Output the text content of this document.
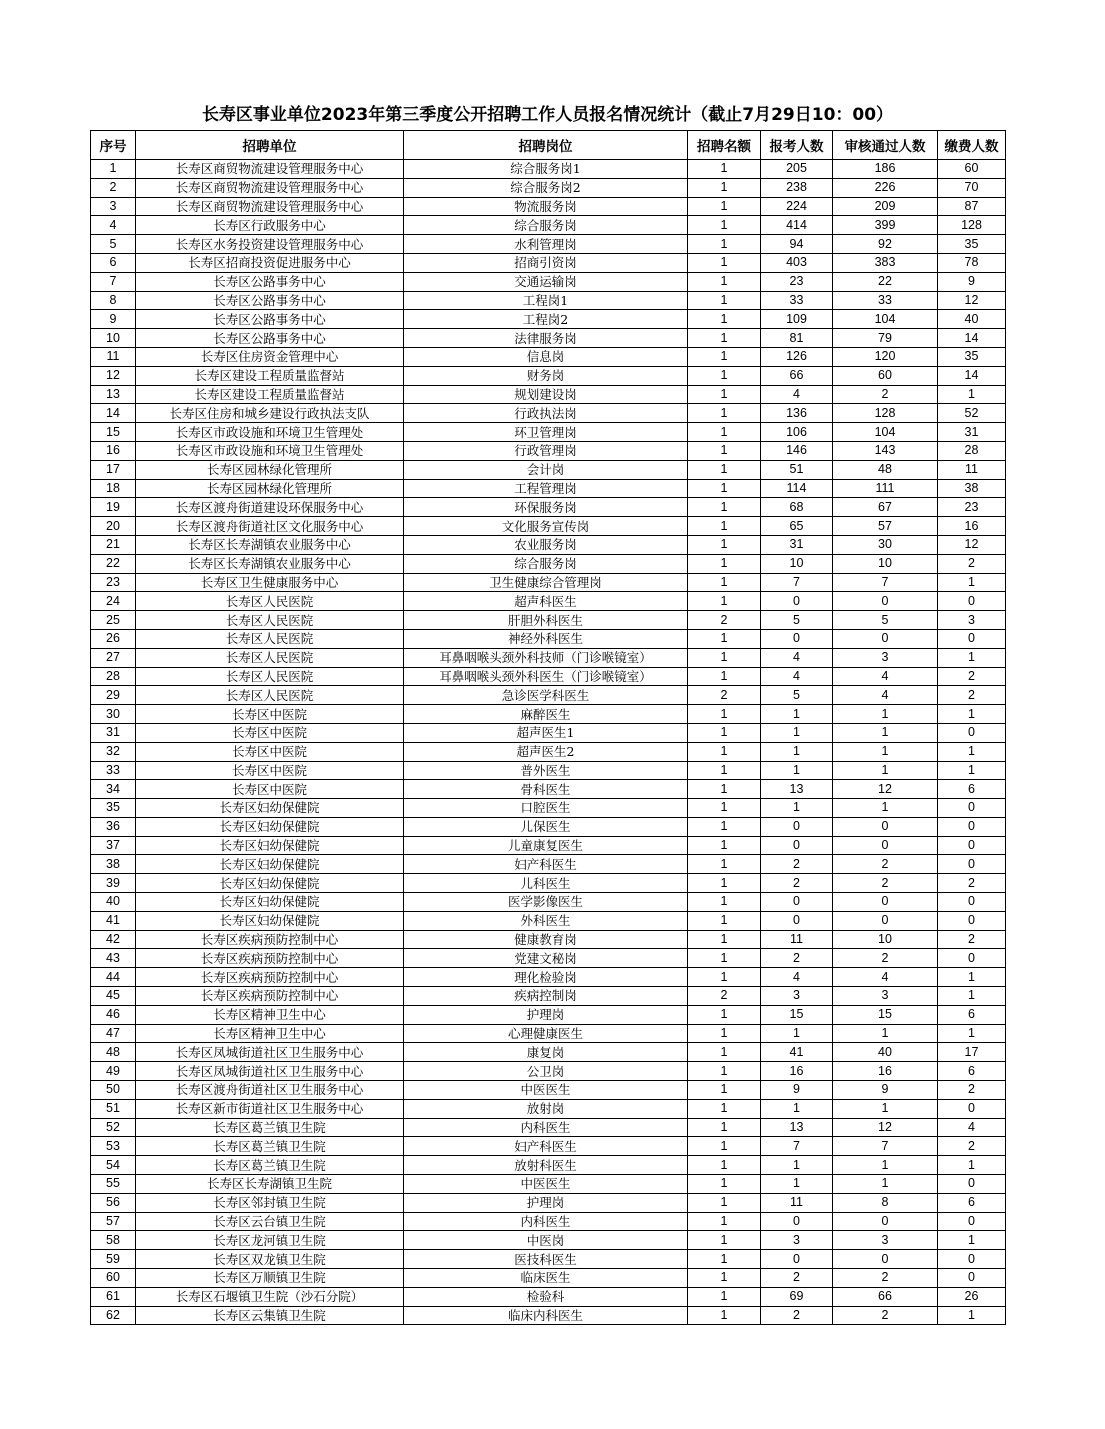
长寿区事业单位2023年第三季度公开招聘工作人员报名情况统计（截止7月29日10：00）
序号	招聘单位	招聘岗位	招聘名额	报考人数	审核通过人数	缴费人数
1	长寿区商贸物流建设管理服务中心	综合服务岗1	1	205	186	60
2	长寿区商贸物流建设管理服务中心	综合服务岗2	1	238	226	70
3	长寿区商贸物流建设管理服务中心	物流服务岗	1	224	209	87
4	长寿区行政服务中心	综合服务岗	1	414	399	128
5	长寿区水务投资建设管理服务中心	水利管理岗	1	94	92	35
6	长寿区招商投资促进服务中心	招商引资岗	1	403	383	78
7	长寿区公路事务中心	交通运输岗	1	23	22	9
8	长寿区公路事务中心	工程岗1	1	33	33	12
9	长寿区公路事务中心	工程岗2	1	109	104	40
10	长寿区公路事务中心	法律服务岗	1	81	79	14
11	长寿区住房资金管理中心	信息岗	1	126	120	35
12	长寿区建设工程质量监督站	财务岗	1	66	60	14
13	长寿区建设工程质量监督站	规划建设岗	1	4	2	1
14	长寿区住房和城乡建设行政执法支队	行政执法岗	1	136	128	52
15	长寿区市政设施和环境卫生管理处	环卫管理岗	1	106	104	31
16	长寿区市政设施和环境卫生管理处	行政管理岗	1	146	143	28
17	长寿区园林绿化管理所	会计岗	1	51	48	11
18	长寿区园林绿化管理所	工程管理岗	1	114	111	38
19	长寿区渡舟街道建设环保服务中心	环保服务岗	1	68	67	23
20	长寿区渡舟街道社区文化服务中心	文化服务宣传岗	1	65	57	16
21	长寿区长寿湖镇农业服务中心	农业服务岗	1	31	30	12
22	长寿区长寿湖镇农业服务中心	综合服务岗	1	10	10	2
23	长寿区卫生健康服务中心	卫生健康综合管理岗	1	7	7	1
24	长寿区人民医院	超声科医生	1	0	0	0
25	长寿区人民医院	肝胆外科医生	2	5	5	3
26	长寿区人民医院	神经外科医生	1	0	0	0
27	长寿区人民医院	耳鼻咽喉头颈外科技师（门诊喉镜室）	1	4	3	1
28	长寿区人民医院	耳鼻咽喉头颈外科医生（门诊喉镜室）	1	4	4	2
29	长寿区人民医院	急诊医学科医生	2	5	4	2
30	长寿区中医院	麻醉医生	1	1	1	1
31	长寿区中医院	超声医生1	1	1	1	0
32	长寿区中医院	超声医生2	1	1	1	1
33	长寿区中医院	普外医生	1	1	1	1
34	长寿区中医院	骨科医生	1	13	12	6
35	长寿区妇幼保健院	口腔医生	1	1	1	0
36	长寿区妇幼保健院	儿保医生	1	0	0	0
37	长寿区妇幼保健院	儿童康复医生	1	0	0	0
38	长寿区妇幼保健院	妇产科医生	1	2	2	0
39	长寿区妇幼保健院	儿科医生	1	2	2	2
40	长寿区妇幼保健院	医学影像医生	1	0	0	0
41	长寿区妇幼保健院	外科医生	1	0	0	0
42	长寿区疾病预防控制中心	健康教育岗	1	11	10	2
43	长寿区疾病预防控制中心	党建文秘岗	1	2	2	0
44	长寿区疾病预防控制中心	理化检验岗	1	4	4	1
45	长寿区疾病预防控制中心	疾病控制岗	2	3	3	1
46	长寿区精神卫生中心	护理岗	1	15	15	6
47	长寿区精神卫生中心	心理健康医生	1	1	1	1
48	长寿区凤城街道社区卫生服务中心	康复岗	1	41	40	17
49	长寿区凤城街道社区卫生服务中心	公卫岗	1	16	16	6
50	长寿区渡舟街道社区卫生服务中心	中医医生	1	9	9	2
51	长寿区新市街道社区卫生服务中心	放射岗	1	1	1	0
52	长寿区葛兰镇卫生院	内科医生	1	13	12	4
53	长寿区葛兰镇卫生院	妇产科医生	1	7	7	2
54	长寿区葛兰镇卫生院	放射科医生	1	1	1	1
55	长寿区长寿湖镇卫生院	中医医生	1	1	1	0
56	长寿区邻封镇卫生院	护理岗	1	11	8	6
57	长寿区云台镇卫生院	内科医生	1	0	0	0
58	长寿区龙河镇卫生院	中医岗	1	3	3	1
59	长寿区双龙镇卫生院	医技科医生	1	0	0	0
60	长寿区万顺镇卫生院	临床医生	1	2	2	0
61	长寿区石堰镇卫生院（沙石分院）	检验科	1	69	66	26
62	长寿区云集镇卫生院	临床内科医生	1	2	2	1
